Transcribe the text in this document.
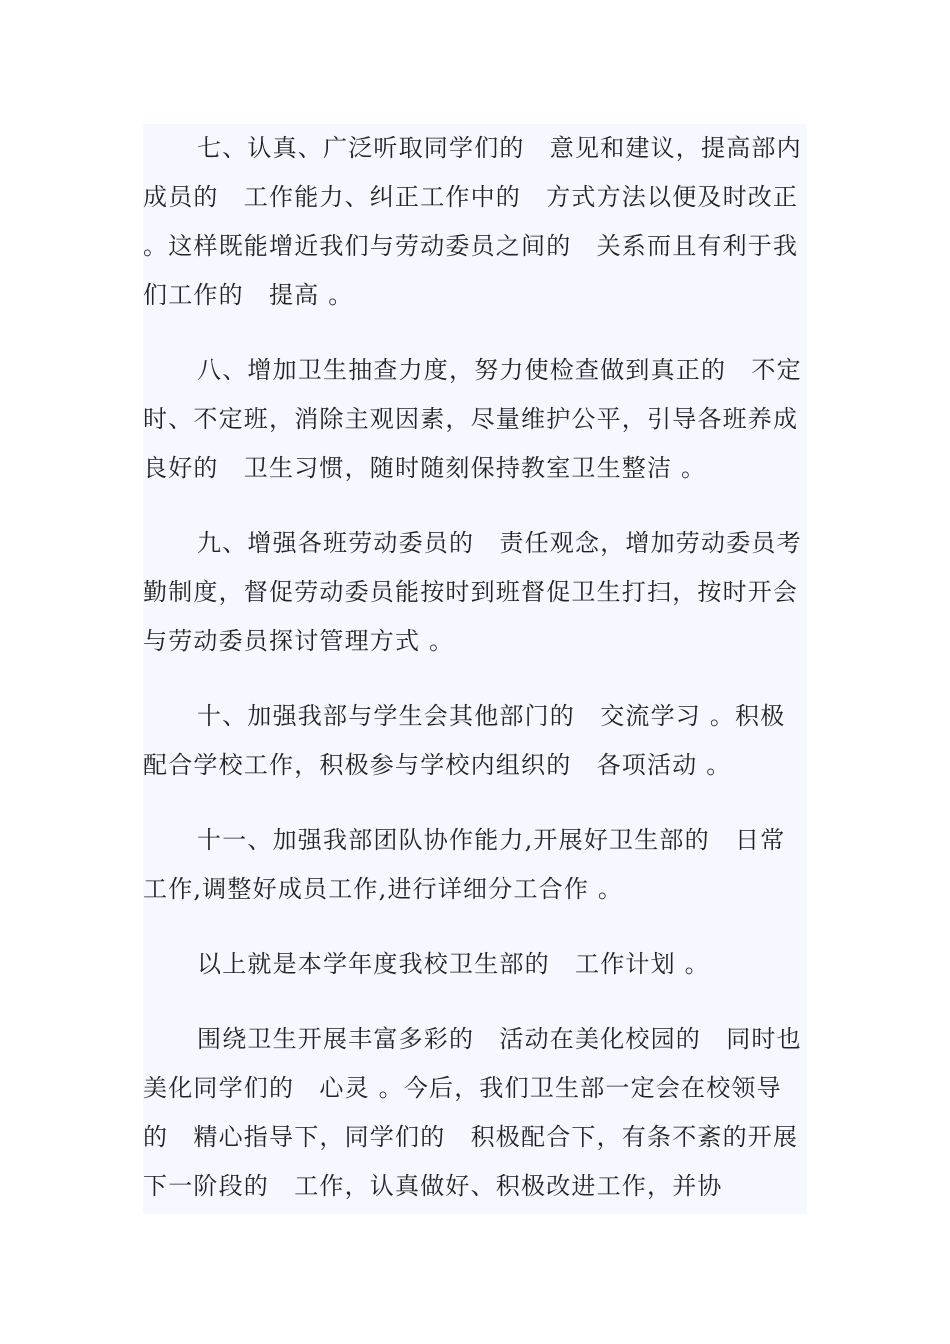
七、认真、广泛听取同学们的　意见和建议，提高部内成员的　工作能力、纠正工作中的　方式方法以便及时改正 。这样既能增近我们与劳动委员之间的　关系而且有利于我们工作的　提高 。

八、增加卫生抽查力度，努力使检查做到真正的　不定时、不定班，消除主观因素，尽量维护公平，引导各班养成良好的　卫生习惯，随时随刻保持教室卫生整洁 。

九、增强各班劳动委员的　责任观念，增加劳动委员考勤制度，督促劳动委员能按时到班督促卫生打扫，按时开会与劳动委员探讨管理方式 。

十、加强我部与学生会其他部门的　交流学习 。积极配合学校工作，积极参与学校内组织的　各项活动 。

十一、加强我部团队协作能力,开展好卫生部的　日常工作,调整好成员工作,进行详细分工合作 。

以上就是本学年度我校卫生部的　工作计划 。

围绕卫生开展丰富多彩的　活动在美化校园的　同时也美化同学们的　心灵 。今后，我们卫生部一定会在校领导的　精心指导下，同学们的　积极配合下，有条不紊的开展下一阶段的　工作，认真做好、积极改进工作，并协
